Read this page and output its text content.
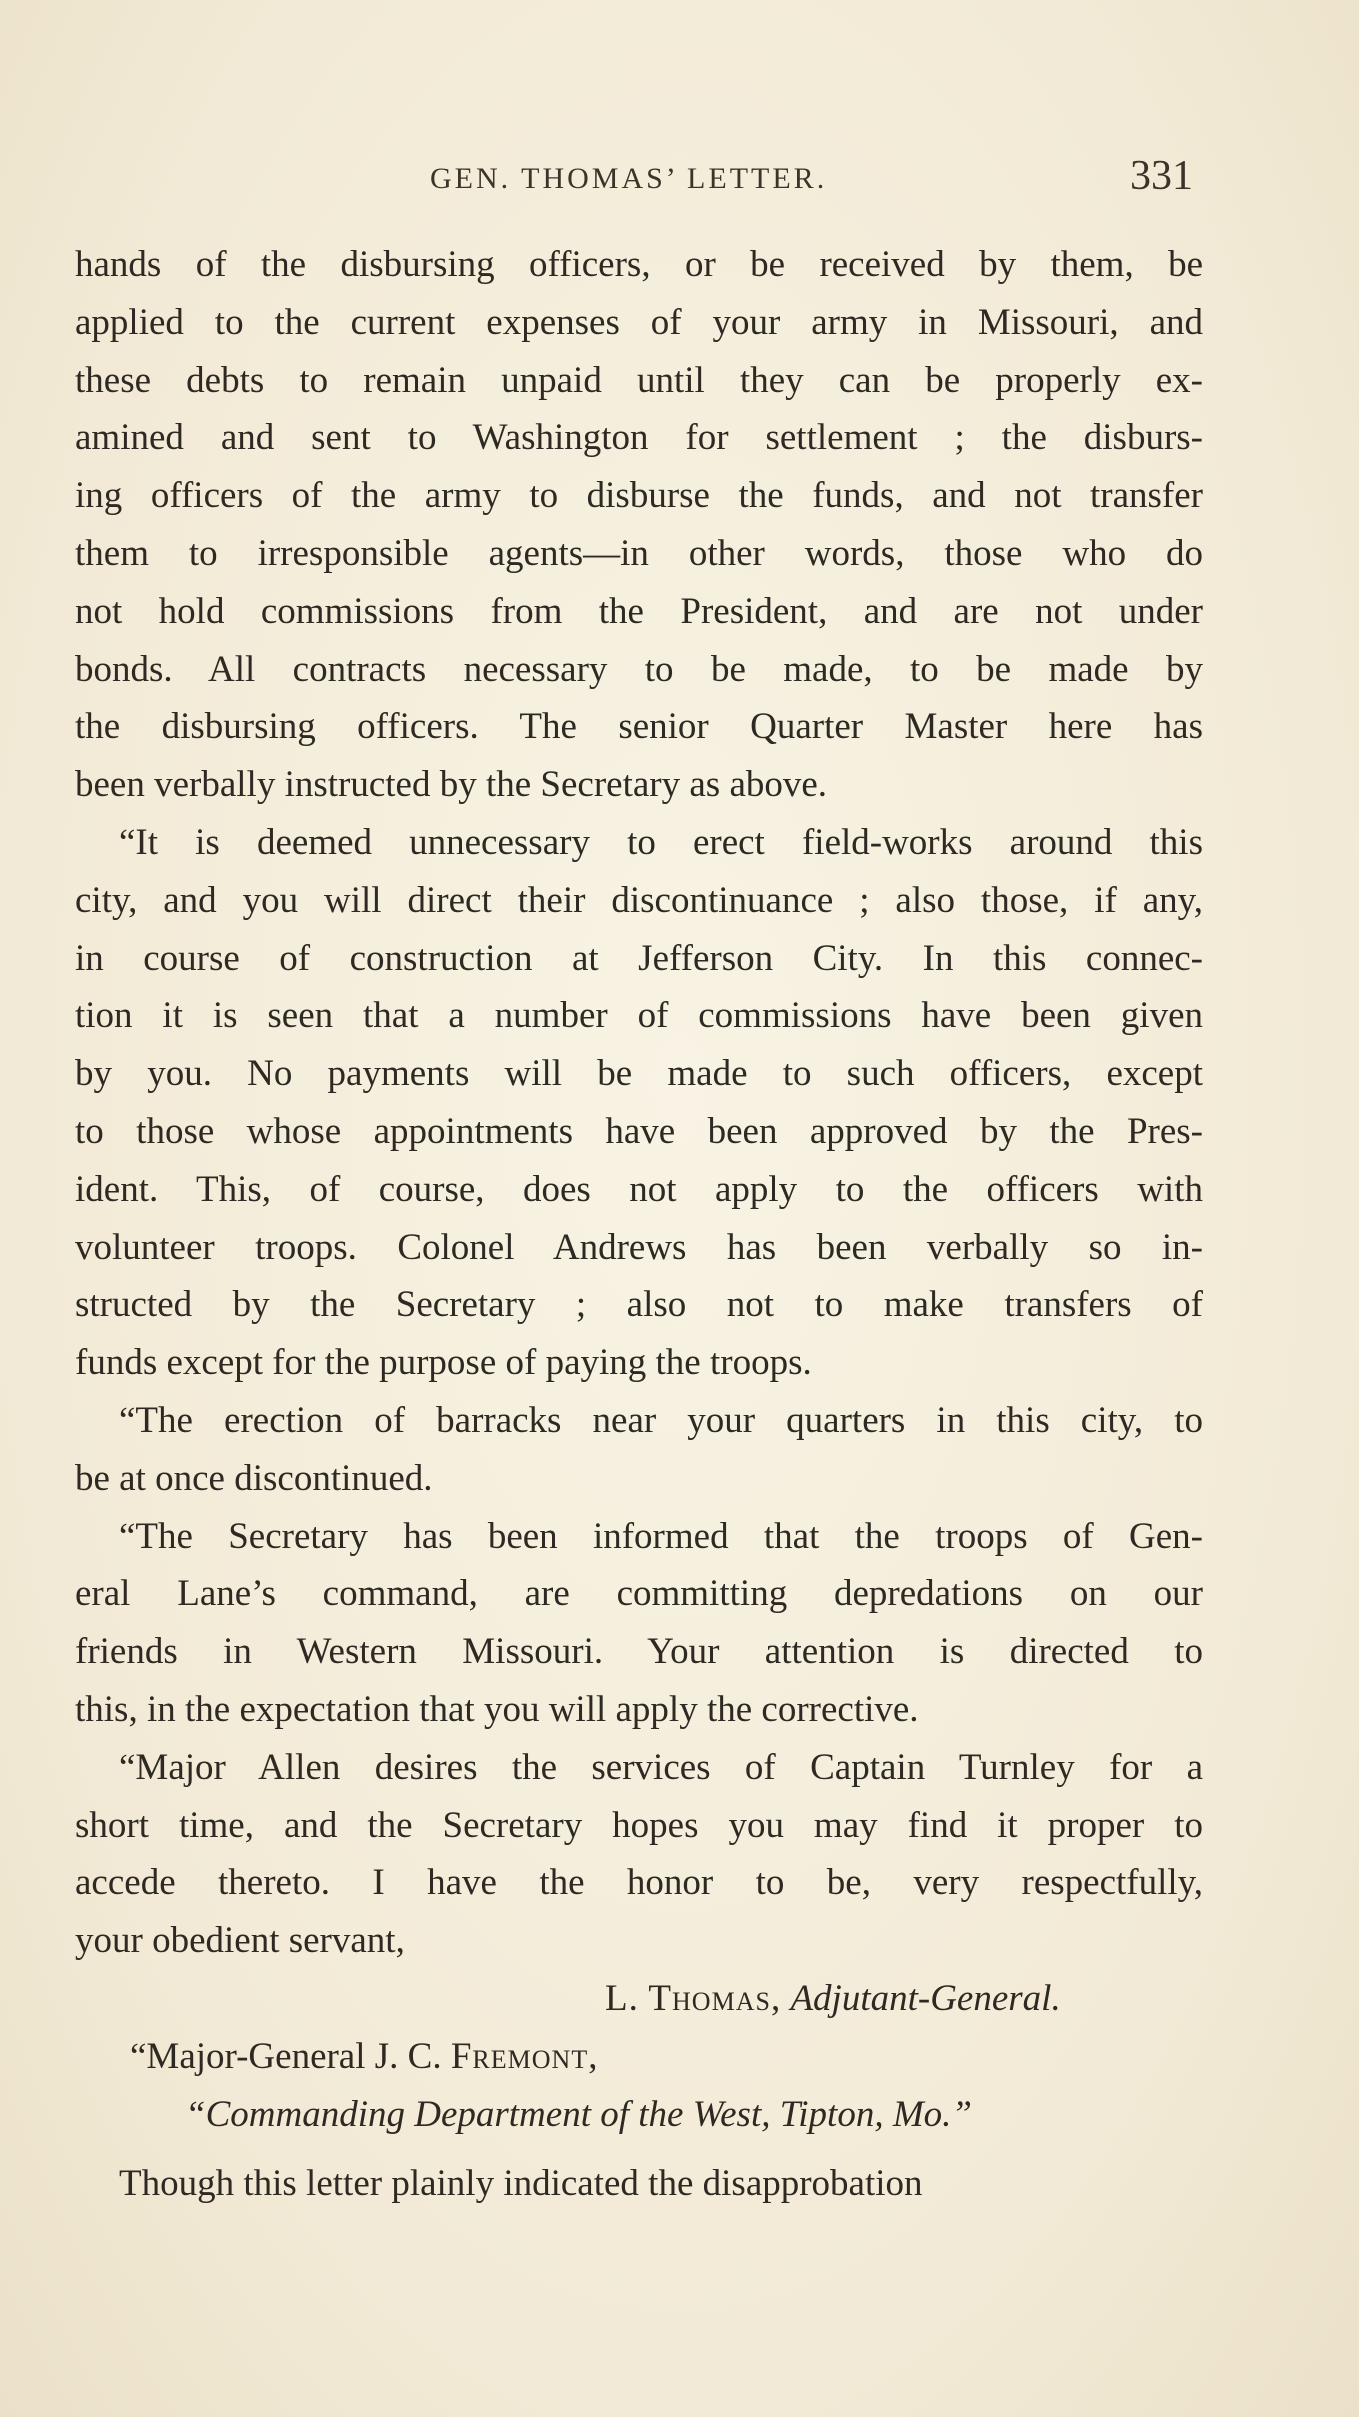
GEN. THOMAS’ LETTER.	331
hands of the disbursing officers, or be received by them, be
applied to the current expenses of your army in Missouri, and
these debts to remain unpaid until they can be properly ex-
amined and sent to Washington for settlement ; the disburs-
ing officers of the army to disburse the funds, and not transfer
them to irresponsible agents—in other words, those who do
not hold commissions from the President, and are not under
bonds. All contracts necessary to be made, to be made by
the disbursing officers. The senior Quarter Master here has
been verbally instructed by the Secretary as above.
“It is deemed unnecessary to erect field-works around this
city, and you will direct their discontinuance ; also those, if any,
in course of construction at Jefferson City. In this connec-
tion it is seen that a number of commissions have been given
by you. No payments will be made to such officers, except
to those whose appointments have been approved by the Pres-
ident. This, of course, does not apply to the officers with
volunteer troops. Colonel Andrews has been verbally so in-
structed by the Secretary ; also not to make transfers of
funds except for the purpose of paying the troops.
“The erection of barracks near your quarters in this city, to
be at once discontinued.
“The Secretary has been informed that the troops of Gen-
eral Lane’s command, are committing depredations on our
friends in Western Missouri. Your attention is directed to
this, in the expectation that you will apply the corrective.
“Major Allen desires the services of Captain Turnley for a
short time, and the Secretary hopes you may find it proper to
accede thereto. I have the honor to be, very respectfully,
your obedient servant,
L. Thomas, Adjutant-General.
“Major-General J. C. Fremont,
“Commanding Department of the West, Tipton, Mo.”
Though this letter plainly indicated the disapprobation
